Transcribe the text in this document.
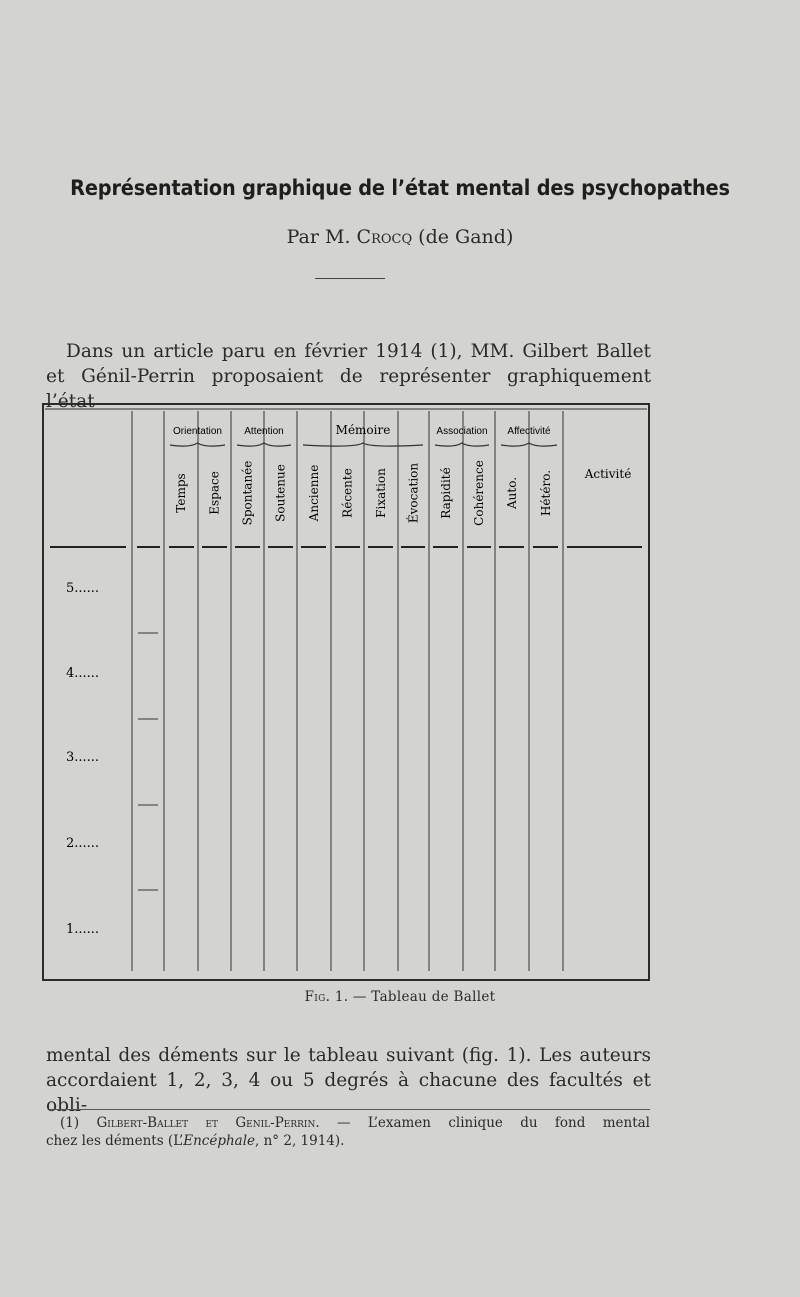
Représentation graphique de l’état mental des psychopathes
Par M. Crocq (de Gand)
Dans un article paru en février 1914 (1), MM. Gilbert Ballet
et Génil-Perrin proposaient de représenter graphiquement l’état
Orientation Attention	Mémoire	Association Affectivité
Temps Espace Spontanée Soutenue Ancienne Récente Fixation Évocation Rapidité Cohérence Auto. Hétéro.	Activité
5......
4......
3......
2......
1......
Fig. 1. — Tableau de Ballet
mental des déments sur le tableau suivant (fig. 1). Les auteurs
accordaient 1, 2, 3, 4 ou 5 degrés à chacune des facultés et obli-
(1) Gilbert-Ballet et Genil-Perrin. — L’examen clinique du fond mental
chez les déments (L’Encéphale, n° 2, 1914).
